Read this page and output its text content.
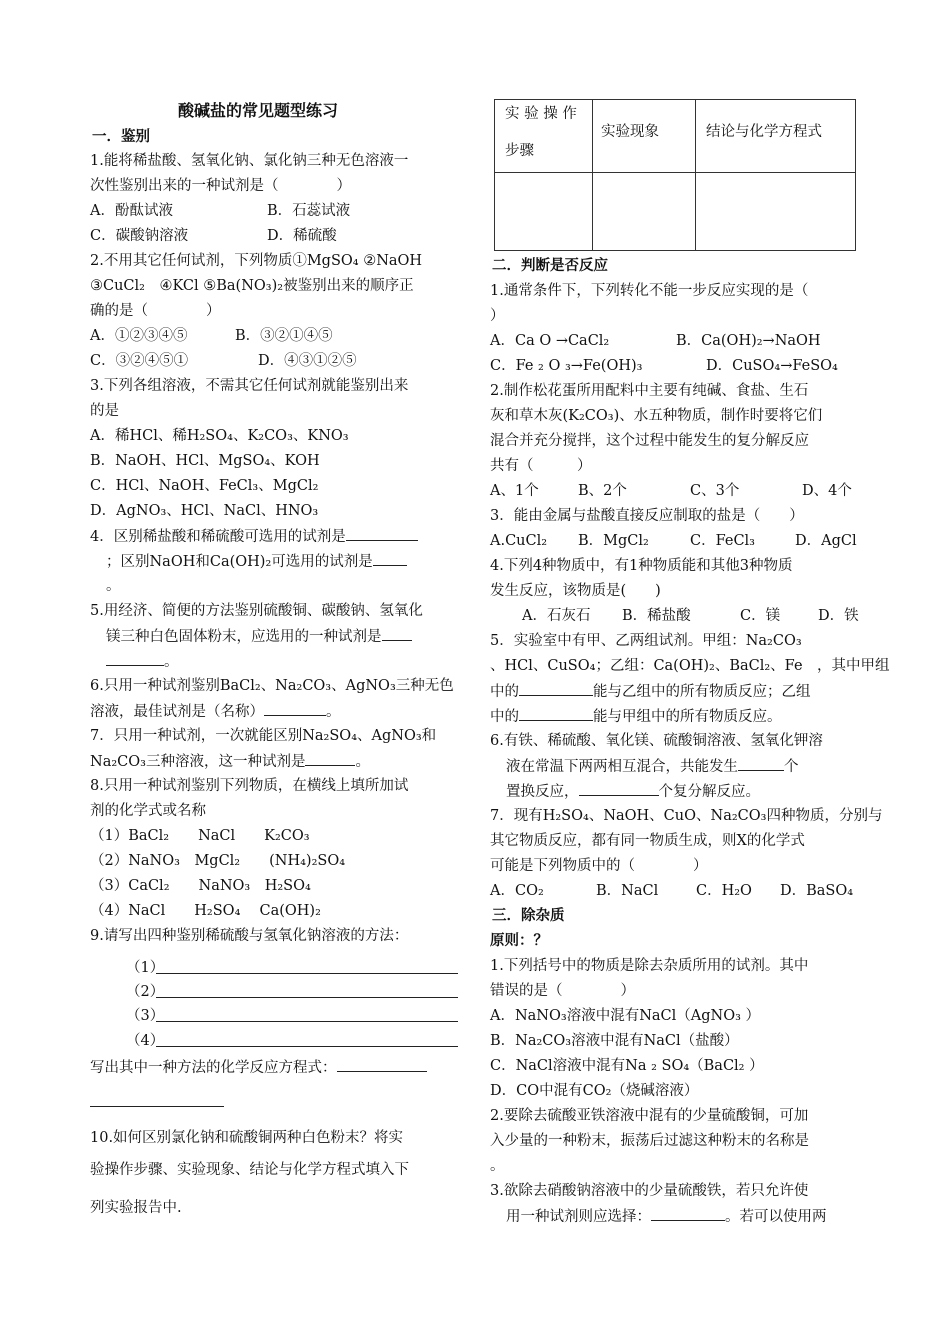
酸碱盐的常见题型练习
一．鉴别
1.能将稀盐酸、氢氧化钠、氯化钠三种无色溶液一
次性鉴别出来的一种试剂是（　　　　）
A．酚酞试液	B．石蕊试液
C．碳酸钠溶液	D．稀硫酸
2.不用其它任何试剂，下列物质①MgSO₄ ②NaOH
③CuCl₂　④KCl ⑤Ba(NO₃)₂被鉴别出来的顺序正
确的是（　　　　）
A．①②③④⑤	B．③②①④⑤
C．③②④⑤①	D．④③①②⑤
3.下列各组溶液，不需其它任何试剂就能鉴别出来
的是
A．稀HCl、稀H₂SO₄、K₂CO₃、KNO₃
B．NaOH、HCl、MgSO₄、KOH
C．HCl、NaOH、FeCl₃、MgCl₂
D．AgNO₃、HCl、NaCl、HNO₃
4．区别稀盐酸和稀硫酸可选用的试剂是
；区别NaOH和Ca(OH)₂可选用的试剂是
。
5.用经济、简便的方法鉴别硫酸铜、碳酸钠、氢氧化
镁三种白色固体粉末，应选用的一种试剂是
。
6.只用一种试剂鉴别BaCl₂、Na₂CO₃、AgNO₃三种无色
溶液，最佳试剂是（名称）	。
7．只用一种试剂，一次就能区别Na₂SO₄、AgNO₃和
Na₂CO₃三种溶液，这一种试剂是	。
8.只用一种试剂鉴别下列物质，在横线上填所加试
剂的化学式或名称
（1）BaCl₂　　NaCl　　K₂CO₃
（2）NaNO₃　MgCl₂　　(NH₄)₂SO₄
（3）CaCl₂　　NaNO₃　H₂SO₄
（4）NaCl　　H₂SO₄　 Ca(OH)₂
9.请写出四种鉴别稀硫酸与氢氧化钠溶液的方法：
（1）
（2）
（3）
（4）
写出其中一种方法的化学反应方程式：
10.如何区别氯化钠和硫酸铜两种白色粉末？将实
验操作步骤、实验现象、结论与化学方程式填入下
列实验报告中.
实 验 操 作
步骤	实验现象	结论与化学方程式

二．判断是否反应
1.通常条件下，下列转化不能一步反应实现的是（
）
A．Ca O →CaCl₂	B．Ca(OH)₂→NaOH
C．Fe ₂ O ₃→Fe(OH)₃	D．CuSO₄→FeSO₄
2.制作松花蛋所用配料中主要有纯碱、食盐、生石
灰和草木灰(K₂CO₃)、水五种物质，制作时要将它们
混合并充分搅拌，这个过程中能发生的复分解反应
共有（　　　）
A、1个	B、2个	C、3个	D、4个
3．能由金属与盐酸直接反应制取的盐是（　　）
A.CuCl₂ B．MgCl₂	C．FeCl₃	D．AgCl
4.下列4种物质中，有1种物质能和其他3种物质
发生反应，该物质是(　　)
A．石灰石 B．稀盐酸	C．镁	D．铁
5．实验室中有甲、乙两组试剂。甲组：Na₂CO₃
、HCl、CuSO₄；乙组：Ca(OH)₂、BaCl₂、Fe　，其中甲组
中的	能与乙组中的所有物质反应；乙组
中的	能与甲组中的所有物质反应。
6.有铁、稀硫酸、氧化镁、硫酸铜溶液、氢氧化钾溶
液在常温下两两相互混合，共能发生	个
置换反应，	个复分解反应。
7．现有H₂SO₄、NaOH、CuO、Na₂CO₃四种物质，分别与
其它物质反应，都有同一物质生成，则X的化学式
可能是下列物质中的（　　　　）
A．CO₂	B．NaCl	C．H₂O D．BaSO₄
三．除杂质
原则：？
1.下列括号中的物质是除去杂质所用的试剂。其中
错误的是（　　　　）
A．NaNO₃溶液中混有NaCl（AgNO₃ ）
B．Na₂CO₃溶液中混有NaCl（盐酸）
C．NaCl溶液中混有Na ₂ SO₄（BaCl₂ ）
D．CO中混有CO₂（烧碱溶液）
2.要除去硫酸亚铁溶液中混有的少量硫酸铜，可加
入少量的一种粉末，振荡后过滤这种粉末的名称是
。
3.欲除去硝酸钠溶液中的少量硫酸铁，若只允许使
用一种试剂则应选择：	。若可以使用两
